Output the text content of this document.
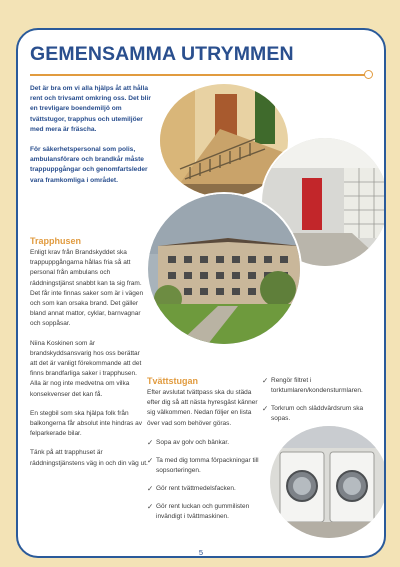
GEMENSAMMA UTRYMMEN

Det är bra om vi alla hjälps åt att hålla rent och trivsamt omkring oss. Det blir en trevligare boendemiljö om tvättstugor, trapphus och utemiljöer med mera är fräscha.

För säkerhetspersonal som polis, ambulansförare och brandkår måste trappuppgångar och genomfartsleder vara framkomliga i området.

Trapphusen

Enligt krav från Brandskyddet ska trappuppgångarna hållas fria så att personal från ambulans och räddningstjänst snabbt kan ta sig fram. Det får inte finnas saker som är i vägen och som kan orsaka brand. Det gäller bland annat mattor, cyklar, barnvagnar och soppåsar.

Niina Koskinen som är brandskyddsansvarig hos oss berättar att det är vanligt förekommande att det finns brandfarliga saker i trapphusen. Alla är nog inte medvetna om vilka konsekvenser det kan få.

En stegbil som ska hjälpa folk från balkongerna får absolut inte hindras av felparkerade bilar.

Tänk på att trapphuset är räddningstjänstens väg in och din väg ut.

Tvättstugan

Efter avslutat tvättpass ska du städa efter dig så att nästa hyresgäst känner sig välkommen. Nedan följer en lista över vad som behöver göras.

✓ Sopa av golv och bänkar.
✓ Ta med dig tomma förpackningar till sopsorteringen.
✓ Gör rent tvättmedelsfacken.
✓ Gör rent luckan och gummilisten invändigt i tvättmaskinen.
✓ Rengör filtret i torktumlaren/kondensturmlaren.
✓ Torkrum och släddvärdsrum ska sopas.
5
